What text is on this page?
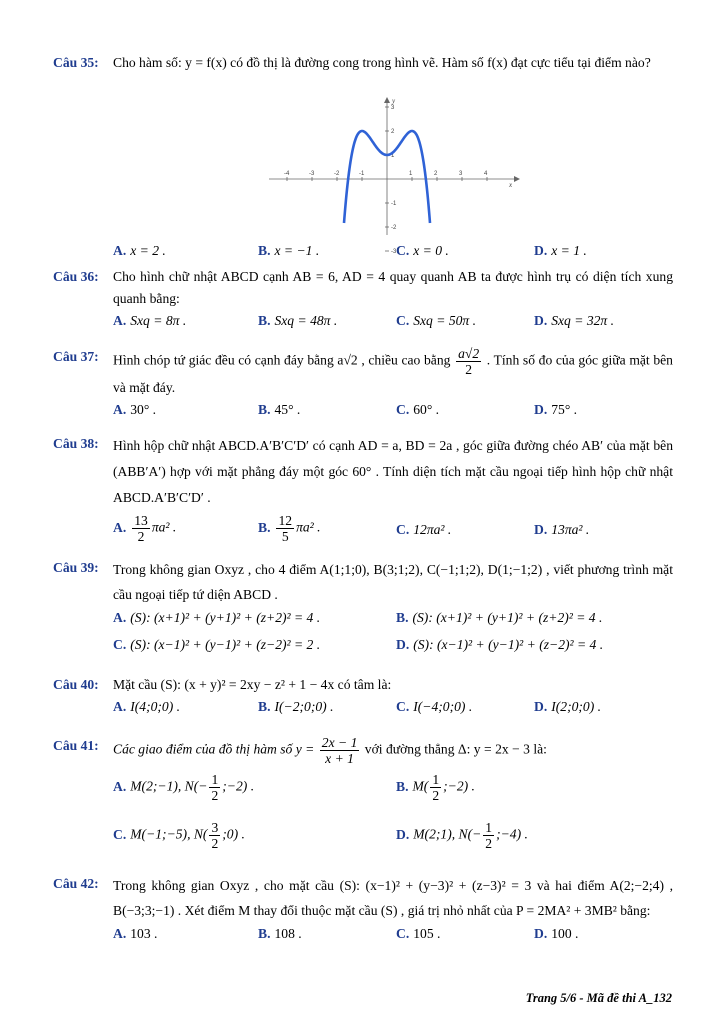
Câu 35:	Cho hàm số: y = f(x) có đồ thị là đường cong trong hình vẽ. Hàm số f(x) đạt cực tiểu tại điểm nào?
-4	-3	-2	-1	1	2	3	4
3
2
1
-1
-2
-3
x
y
A. x = 2 .	B. x = −1 .	C. x = 0 .	D. x = 1 .
Câu 36:	Cho hình chữ nhật ABCD cạnh AB = 6, AD = 4 quay quanh AB ta được hình trụ có diện tích xung quanh bằng:
A. Sxq = 8π .	B. Sxq = 48π .	C. Sxq = 50π .	D. Sxq = 32π .
Câu 37:	Hình chóp tứ giác đều có cạnh đáy bằng a√2 , chiều cao bằng $\frac{a√2}{2}$ . Tính số đo của góc giữa mặt bên và mặt đáy.
A. 30° .	B. 45° .	C. 60° .	D. 75° .
Câu 38:	Hình hộp chữ nhật ABCD.A′B′C′D′ có cạnh AD = a, BD = 2a , góc giữa đường chéo AB′ của mặt bên (ABB′A′) hợp với mặt phẳng đáy một góc 60° . Tính diện tích mặt cầu ngoại tiếp hình hộp chữ nhật ABCD.A′B′C′D′ .
A. $\frac{13}{2} \pi a^2$ .	B. $\frac{12}{5} \pi a^2$ .	C. 12πa² .	D. 13πa² .
Câu 39:	Trong không gian Oxyz , cho 4 điểm A(1;1;0), B(3;1;2), C(−1;1;2), D(1;−1;2) , viết phương trình mặt cầu ngoại tiếp tứ diện ABCD .
A. (S): (x+1)² + (y+1)² + (z+2)² = 4 .	B. (S): (x+1)² + (y+1)² + (z+2)² = 4 .
C. (S): (x−1)² + (y−1)² + (z−2)² = 2 .	D. (S): (x−1)² + (y−1)² + (z−2)² = 4 .
Câu 40:	Mặt cầu (S): (x + y)² = 2xy − z² + 1 − 4x có tâm là:
A. I(4;0;0) .	B. I(−2;0;0) .	C. I(−4;0;0) .	D. I(2;0;0) .
Câu 41:	Các giao điểm của đồ thị hàm số $y = \frac{2x - 1}{x + 1}$ với đường thẳng Δ: y = 2x − 3 là:
A. M(2;−1), $N(- \frac{1}{2}$ ;−2) .	B. $M( \frac{1}{2}$ ;−2) .
C. M(−1;−5), $N( \frac{3}{2}$ ;0) .	D. M(2;1), $N(- \frac{1}{2}$ ;−4) .
Câu 42:	Trong không gian Oxyz , cho mặt cầu (S): (x−1)² + (y−3)² + (z−3)² = 3 và hai điểm A(2;−2;4) , B(−3;3;−1) . Xét điểm M thay đổi thuộc mặt cầu (S) , giá trị nhỏ nhất của P = 2MA² + 3MB² bằng:
A. 103 .	B. 108 .	C. 105 .	D. 100 .
Trang 5/6 - Mã đề thi A_132
